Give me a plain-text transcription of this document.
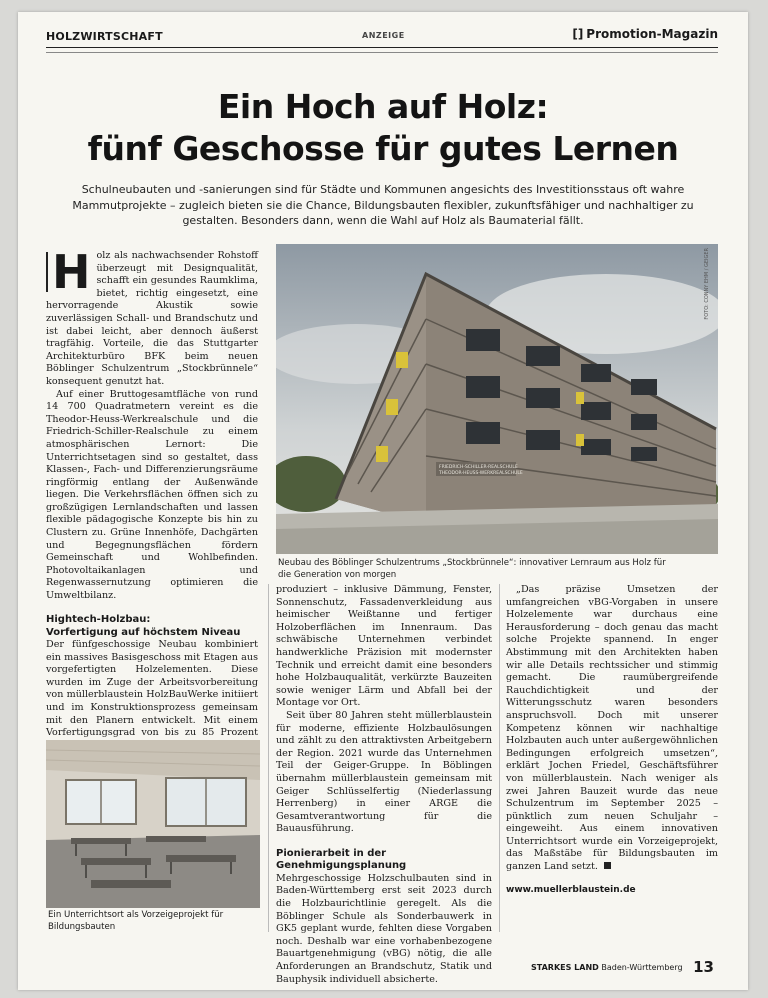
HOLZWIRTSCHAFT	ANZEIGE	[] Promotion-Magazin
Ein Hoch auf Holz:
fünf Geschosse für gutes Lernen

Schulneubauten und -sanierungen sind für Städte und Kommunen angesichts des Investitionsstaus oft wahre Mammutprojekte – zugleich bieten sie die Chance, Bildungsbauten flexibler, zukunftsfähiger und nachhaltiger zu gestalten. Besonders dann, wenn die Wahl auf Holz als Baumaterial fällt.

H olz als nachwachsender Rohstoff überzeugt mit Designqualität, schafft ein gesundes Raumklima, bietet, richtig eingesetzt, eine hervorragende Akustik sowie zuverlässigen Schall- und Brandschutz und ist dabei leicht, aber dennoch äußerst tragfähig. Vorteile, die das Stuttgarter Architekturbüro BFK beim neuen Böblinger Schulzentrum „Stockbrünnele“ konsequent genutzt hat.

Auf einer Bruttogesamtfläche von rund 14 700 Quadratmetern vereint es die Theodor-Heuss-Werkrealschule und die Friedrich-Schiller-Realschule zu einem atmosphärischen Lernort: Die Unterrichtsetagen sind so gestaltet, dass Klassen-, Fach- und Differenzierungsräume ringförmig entlang der Außenwände liegen. Die Verkehrsflächen öffnen sich zu großzügigen Lernlandschaften und lassen flexible pädagogische Konzepte bis hin zu Clustern zu. Grüne Innenhöfe, Dachgärten und Begegnungsflächen fördern Gemeinschaft und Wohlbefinden. Photovoltaikanlagen und Regenwassernutzung optimieren die Umweltbilanz.

FRIEDRICH-SCHILLER-REALSCHULE
THEODOR-HEUSS-WERKREALSCHULE
FOTO: CONNY EHM / GEIGER

Neubau des Böblinger Schulzentrums „Stockbrünnele“: innovativer Lernraum aus Holz für die Generation von morgen

Hightech-Holzbau:
Vorfertigung auf höchstem Niveau

Der fünfgeschossige Neubau kombiniert ein massives Basisgeschoss mit Etagen aus vorgefertigten Holzelementen. Diese wurden im Zuge der Arbeitsvorbereitung von müllerblaustein HolzBauWerke initiiert und im Konstruktionsprozess gemeinsam mit den Planern entwickelt. Mit einem Vorfertigungsgrad von bis zu 85 Prozent

Ein Unterrichtsort als Vorzeigeprojekt für Bildungsbauten

produziert – inklusive Dämmung, Fenster, Sonnenschutz, Fassadenverkleidung aus heimischer Weißtanne und fertiger Holzoberflächen im Innenraum. Das schwäbische Unternehmen verbindet handwerkliche Präzision mit modernster Technik und erreicht damit eine besonders hohe Holzbauqualität, verkürzte Bauzeiten sowie weniger Lärm und Abfall bei der Montage vor Ort.

Seit über 80 Jahren steht müllerblaustein für moderne, effiziente Holzbaulösungen und zählt zu den attraktivsten Arbeitgebern der Region. 2021 wurde das Unternehmen Teil der Geiger-Gruppe. In Böblingen übernahm müllerblaustein gemeinsam mit Geiger Schlüsselfertig (Niederlassung Herrenberg) in einer ARGE die Gesamtverantwortung für die Bauausführung.

Pionierarbeit in der
Genehmigungsplanung

Mehrgeschossige Holzschulbauten sind in Baden-Württemberg erst seit 2023 durch die Holzbaurichtlinie geregelt. Als die Böblinger Schule als Sonderbauwerk in GK5 geplant wurde, fehlten diese Vorgaben noch. Deshalb war eine vorhabenbezogene Bauartgenehmigung (vBG) nötig, die alle Anforderungen an Brandschutz, Statik und Bauphysik individuell absicherte.

„Das präzise Umsetzen der umfangreichen vBG-Vorgaben in unsere Holzelemente war durchaus eine Herausforderung – doch genau das macht solche Projekte spannend. In enger Abstimmung mit den Architekten haben wir alle Details rechtssicher und stimmig gemacht. Die raumübergreifende Rauchdichtigkeit und der Witterungsschutz waren besonders anspruchsvoll. Doch mit unserer Kompetenz können wir nachhaltige Holzbauten auch unter außergewöhnlichen Bedingungen erfolgreich umsetzen“, erklärt Jochen Friedel, Geschäftsführer von müllerblaustein. Nach weniger als zwei Jahren Bauzeit wurde das neue Schulzentrum im September 2025 – pünktlich zum neuen Schuljahr – eingeweiht. Aus einem innovativen Unterrichtsort wurde ein Vorzeigeprojekt, das Maßstäbe für Bildungsbauten im ganzen Land setzt.

www.muellerblaustein.de
STARKES LAND Baden-Württemberg 13
